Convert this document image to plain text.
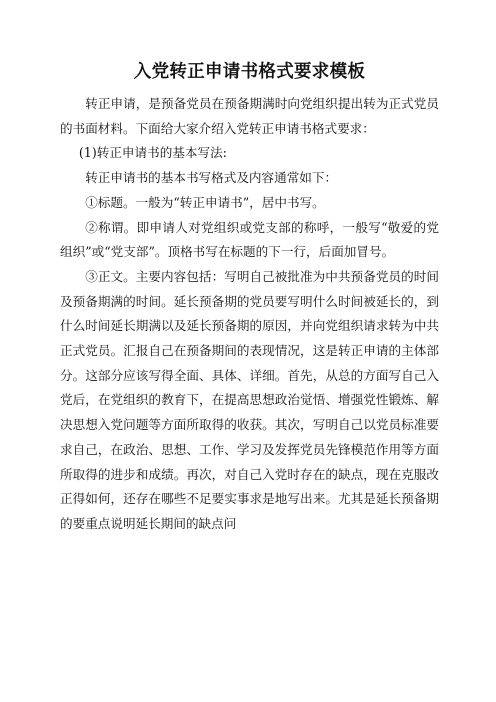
入党转正申请书格式要求模板

转正申请，是预备党员在预备期满时向党组织提出转为正式党员的书面材料。下面给大家介绍入党转正申请书格式要求：

(1)转正申请书的基本写法:

转正申请书的基本书写格式及内容通常如下：

①标题。一般为“转正申请书”，居中书写。

②称谓。即申请人对党组织或党支部的称呼，一般写“敬爱的党组织”或“党支部”。顶格书写在标题的下一行，后面加冒号。

③正文。主要内容包括：写明自己被批准为中共预备党员的时间及预备期满的时间。延长预备期的党员要写明什么时间被延长的，到什么时间延长期满以及延长预备期的原因，并向党组织请求转为中共正式党员。汇报自己在预备期间的表现情况，这是转正申请的主体部分。这部分应该写得全面、具体、详细。首先，从总的方面写自己入党后，在党组织的教育下，在提高思想政治觉悟、增强党性锻炼、解决思想入党问题等方面所取得的收获。其次，写明自己以党员标准要求自己，在政治、思想、工作、学习及发挥党员先锋模范作用等方面所取得的进步和成绩。再次，对自己入党时存在的缺点，现在克服改正得如何，还存在哪些不足要实事求是地写出来。尤其是延长预备期的要重点说明延长期间的缺点问
